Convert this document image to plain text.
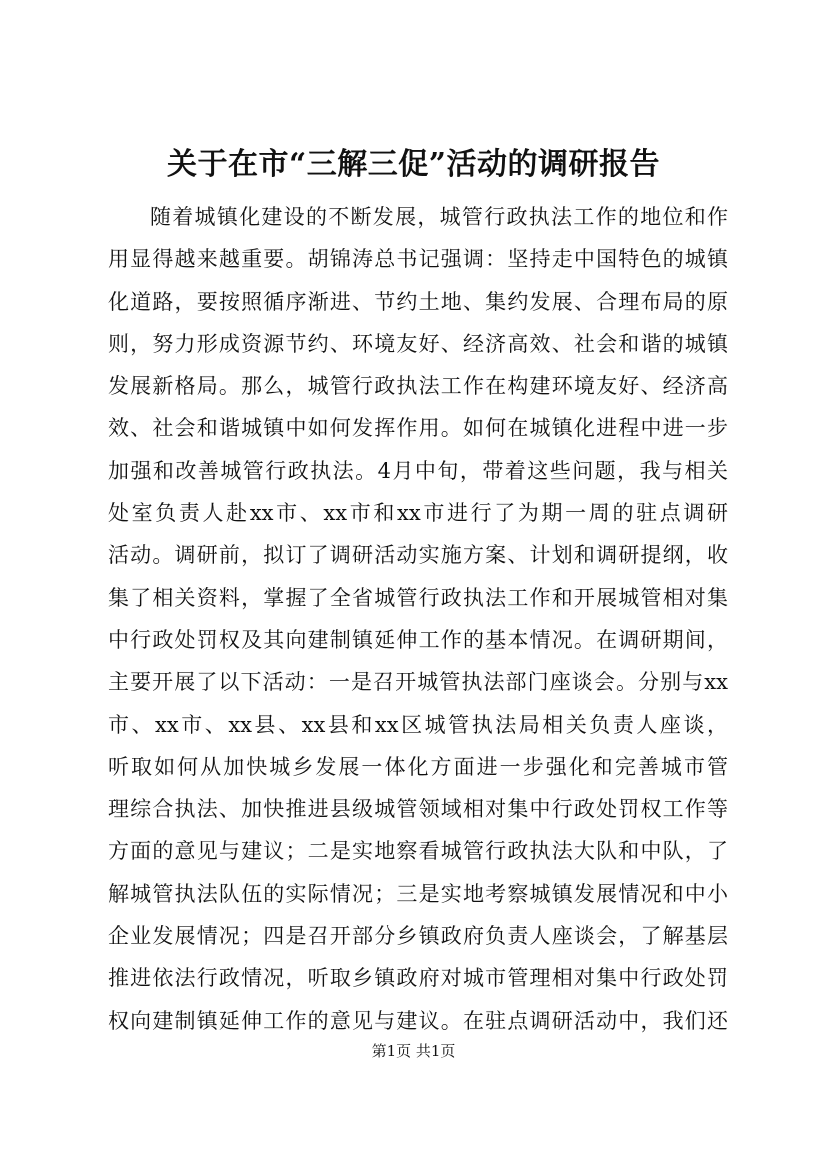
关于在市“三解三促”活动的调研报告
随着城镇化建设的不断发展，城管行政执法工作的地位和作
用显得越来越重要。胡锦涛总书记强调：坚持走中国特色的城镇
化道路，要按照循序渐进、节约土地、集约发展、合理布局的原
则，努力形成资源节约、环境友好、经济高效、社会和谐的城镇
发展新格局。那么，城管行政执法工作在构建环境友好、经济高
效、社会和谐城镇中如何发挥作用。如何在城镇化进程中进一步
加强和改善城管行政执法。4月中旬，带着这些问题，我与相关
处室负责人赴xx市、xx市和xx市进行了为期一周的驻点调研
活动。调研前，拟订了调研活动实施方案、计划和调研提纲，收
集了相关资料，掌握了全省城管行政执法工作和开展城管相对集
中行政处罚权及其向建制镇延伸工作的基本情况。在调研期间，
主要开展了以下活动：一是召开城管执法部门座谈会。分别与xx
市、xx市、xx县、xx县和xx区城管执法局相关负责人座谈，
听取如何从加快城乡发展一体化方面进一步强化和完善城市管
理综合执法、加快推进县级城管领域相对集中行政处罚权工作等
方面的意见与建议；二是实地察看城管行政执法大队和中队，了
解城管执法队伍的实际情况；三是实地考察城镇发展情况和中小
企业发展情况；四是召开部分乡镇政府负责人座谈会，了解基层
推进依法行政情况，听取乡镇政府对城市管理相对集中行政处罚
权向建制镇延伸工作的意见与建议。在驻点调研活动中，我们还
第1页 共1页
